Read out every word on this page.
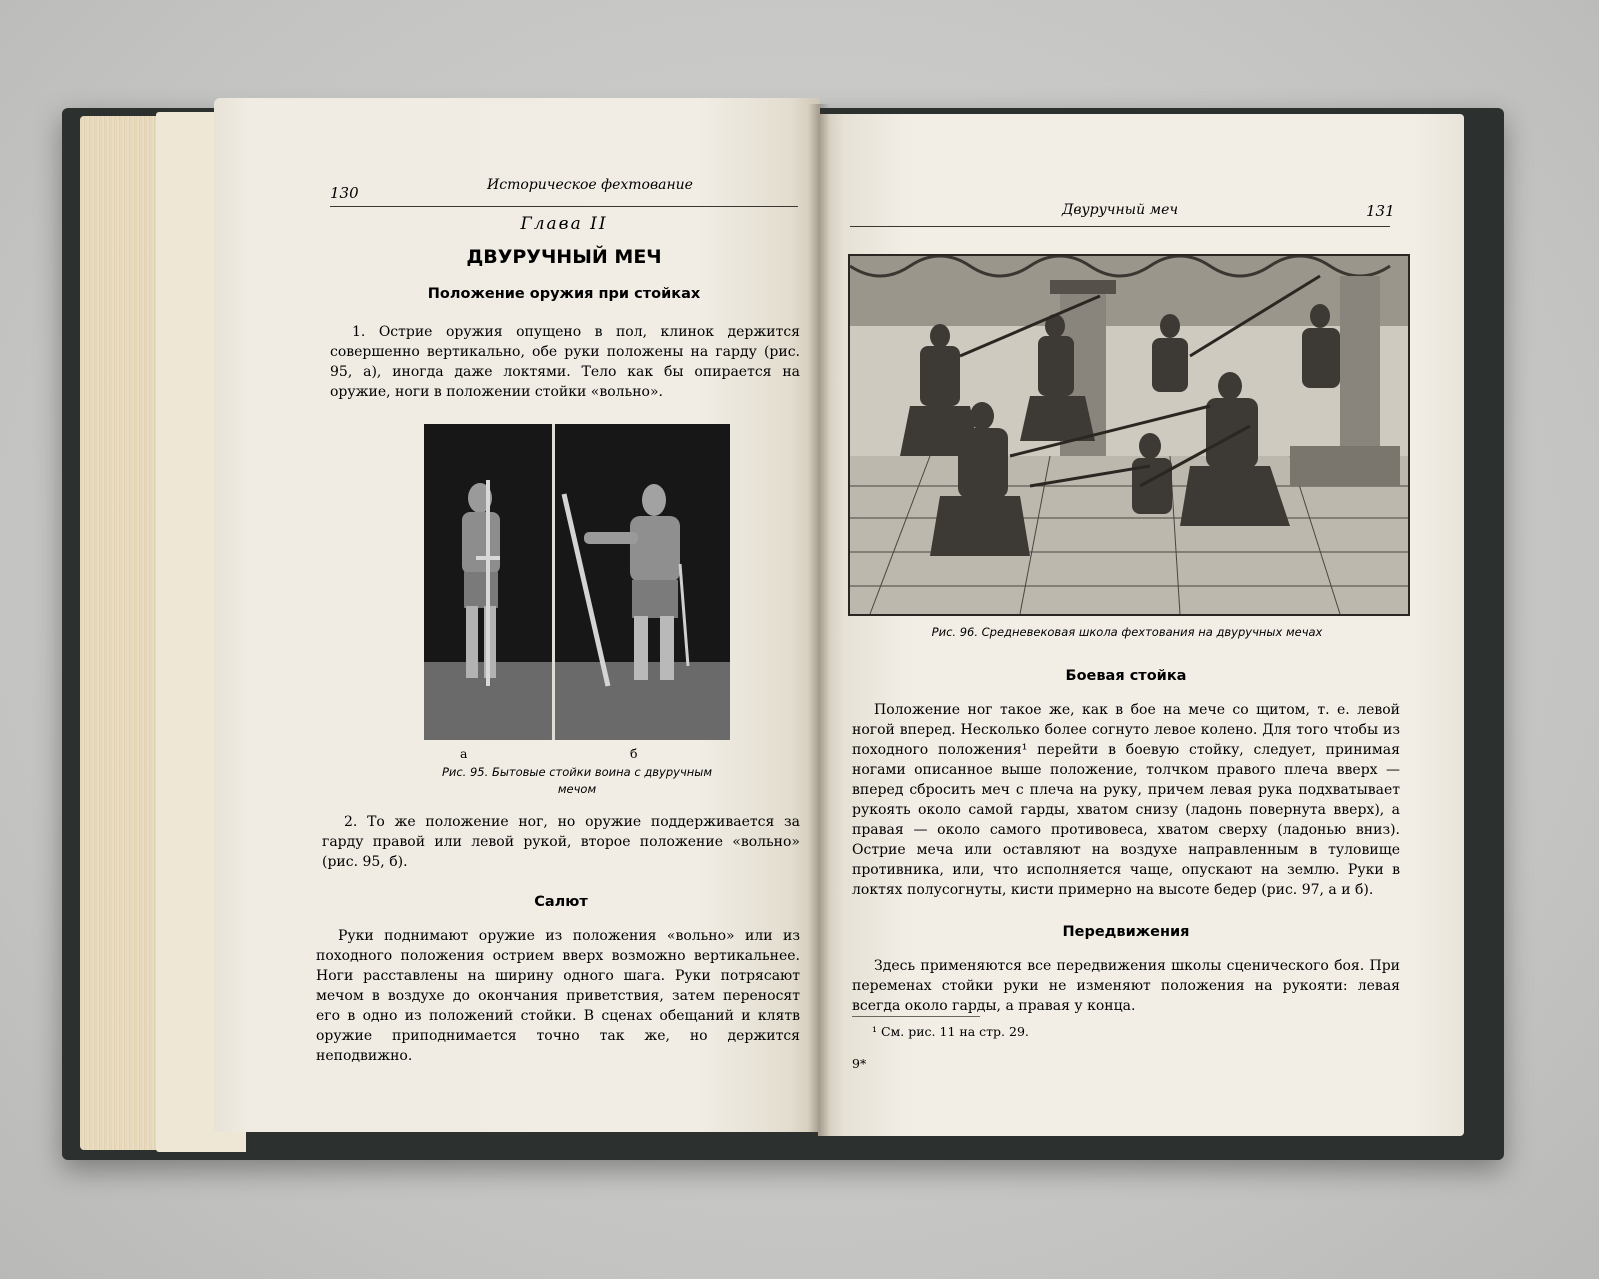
130	Историческое фехтование

Глава II

ДВУРУЧНЫЙ МЕЧ

Положение оружия при стойках

1. Острие оружия опущено в пол, клинок держится совершенно вертикально, обе руки положены на гарду (рис. 95, а), иногда даже локтями. Тело как бы опирается на оружие, ноги в положении стойки «вольно».

а	б

Рис. 95. Бытовые стойки воина с двуручным мечом

2. То же положение ног, но оружие поддерживается за гарду правой или левой рукой, второе положение «вольно» (рис. 95, б).

Салют

Руки поднимают оружие из положения «вольно» или из походного положения острием вверх возможно вертикальнее. Ноги расставлены на ширину одного шага. Руки потрясают мечом в воздухе до окончания приветствия, затем переносят его в одно из положений стойки. В сценах обещаний и клятв оружие приподнимается точно так же, но держится неподвижно.

Двуручный меч	131

Рис. 96. Средневековая школа фехтования на двуручных мечах

Боевая стойка

Положение ног такое же, как в бое на мече со щитом, т. е. левой ногой вперед. Несколько более согнуто левое колено. Для того чтобы из походного положения¹ перейти в боевую стойку, следует, принимая ногами описанное выше положение, толчком правого плеча вверх — вперед сбросить меч с плеча на руку, причем левая рука подхватывает рукоять около самой гарды, хватом снизу (ладонь повернута вверх), а правая — около самого противовеса, хватом сверху (ладонью вниз). Острие меча или оставляют на воздухе направленным в туловище противника, или, что исполняется чаще, опускают на землю. Руки в локтях полусогнуты, кисти примерно на высоте бедер (рис. 97, а и б).

Передвижения

Здесь применяются все передвижения школы сценического боя. При переменах стойки руки не изменяют положения на рукояти: левая всегда около гарды, а правая у конца.

¹ См. рис. 11 на стр. 29.

9*
